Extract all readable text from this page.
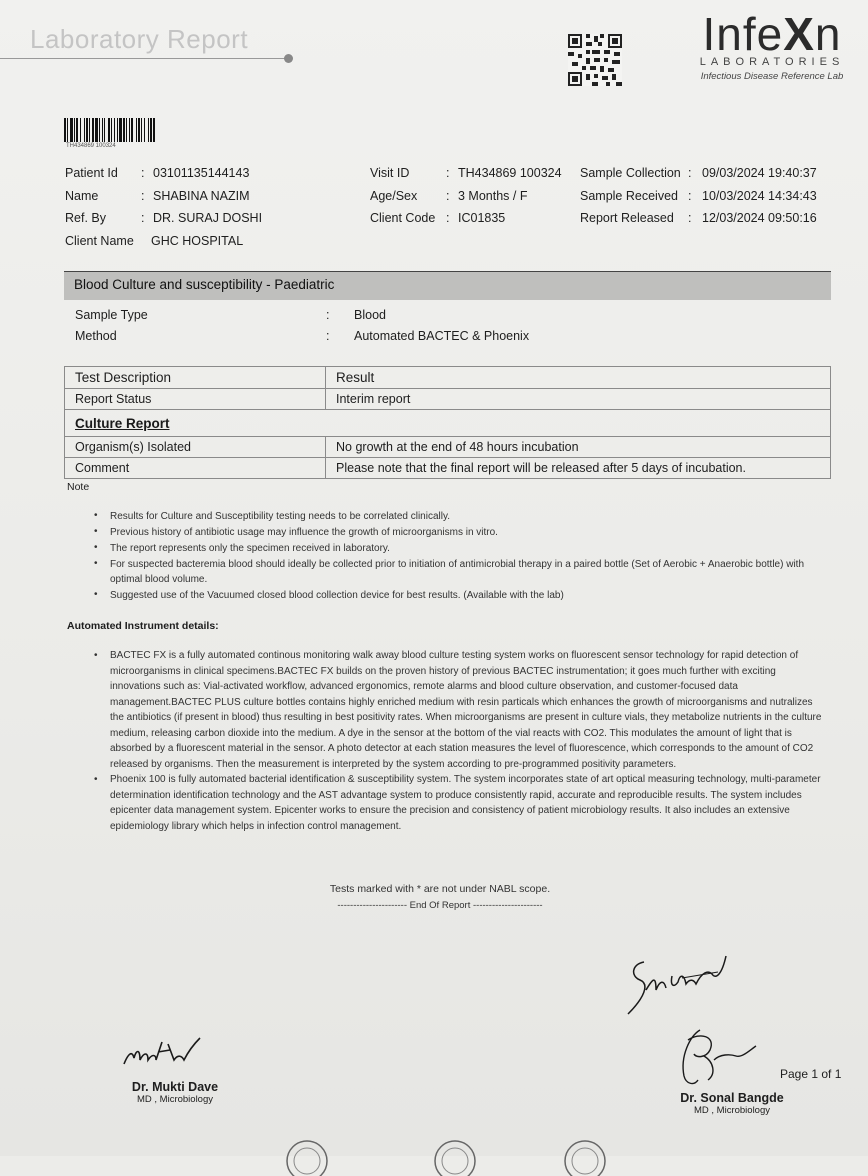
Laboratory Report	InfeXn
LABORATORIES
Infectious Disease Reference Lab
TH434869 100324
Patient Id : 03101135144143
Name	: SHABINA NAZIM
Ref. By	: DR. SURAJ DOSHI
Client Name GHC HOSPITAL
Visit ID	: TH434869 100324
Age/Sex : 3 Months / F
Client Code : IC01835
Sample Collection : 09/03/2024 19:40:37
Sample Received : 10/03/2024 14:34:43
Report Released : 12/03/2024 09:50:16
Blood Culture and susceptibility - Paediatric
Sample Type	: Blood
Method	: Automated BACTEC & Phoenix
Test Description	Result
Report Status	Interim report
Culture Report	
Organism(s) Isolated	No growth at the end of 48 hours incubation
Comment	Please note that the final report will be released after 5 days of incubation.
Note
• Results for Culture and Susceptibility testing needs to be correlated clinically.
• Previous history of antibiotic usage may influence the growth of microorganisms in vitro.
• The report represents only the specimen received in laboratory.
• For suspected bacteremia blood should ideally be collected prior to initiation of antimicrobial therapy in a paired bottle (Set of Aerobic + Anaerobic bottle) with optimal blood volume.
• Suggested use of the Vacuumed closed blood collection device for best results. (Available with the lab)
Automated Instrument details:
• BACTEC FX is a fully automated continous monitoring walk away blood culture testing system works on fluorescent sensor technology for rapid detection of microorganisms in clinical specimens.BACTEC FX builds on the proven history of previous BACTEC instrumentation; it goes much further with exciting innovations such as: Vial-activated workflow, advanced ergonomics, remote alarms and blood culture observation, and customer-focused data management.BACTEC PLUS culture bottles contains highly enriched medium with resin particals which enhances the growth of microorganisms and nutralizes the antibiotics (if present in blood) thus resulting in best positivity rates. When microorganisms are present in culture vials, they metabolize nutrients in the culture medium, releasing carbon dioxide into the medium. A dye in the sensor at the bottom of the vial reacts with CO2. This modulates the amount of light that is absorbed by a fluorescent material in the sensor. A photo detector at each station measures the level of fluorescence, which corresponds to the amount of CO2 released by organisms. Then the measurement is interpreted by the system according to pre-programmed positivity parameters.
• Phoenix 100 is fully automated bacterial identification & susceptibility system. The system incorporates state of art optical measuring technology, multi-parameter determination identification technology and the AST advantage system to produce consistently rapid, accurate and reproducible results. The system includes epicenter data management system. Epicenter works to ensure the precision and consistency of patient microbiology results. It also includes an extensive epidemiology library which helps in infection control management.
Tests marked with * are not under NABL scope.
---------------------- End Of Report ----------------------
Dr. Mukti Dave
MD , Microbiology	Dr. Sonal Bangde
MD , Microbiology
Page 1 of 1
